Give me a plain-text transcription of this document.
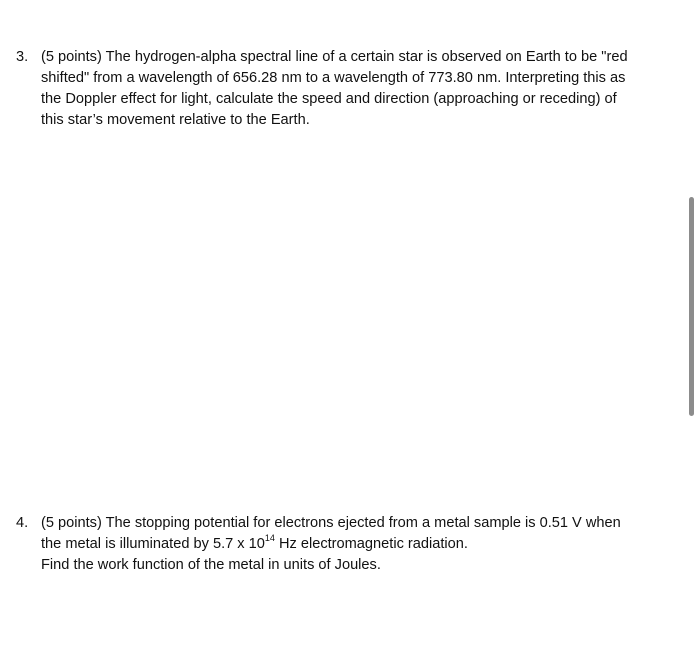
3. (5 points) The hydrogen-alpha spectral line of a certain star is observed on Earth to be "red
shifted" from a wavelength of 656.28 nm to a wavelength of 773.80 nm. Interpreting this as
the Doppler effect for light, calculate the speed and direction (approaching or receding) of
this star’s movement relative to the Earth.
4. (5 points) The stopping potential for electrons ejected from a metal sample is 0.51 V when
the metal is illuminated by 5.7 x $10^{14}$ Hz electromagnetic radiation.
Find the work function of the metal in units of Joules.
